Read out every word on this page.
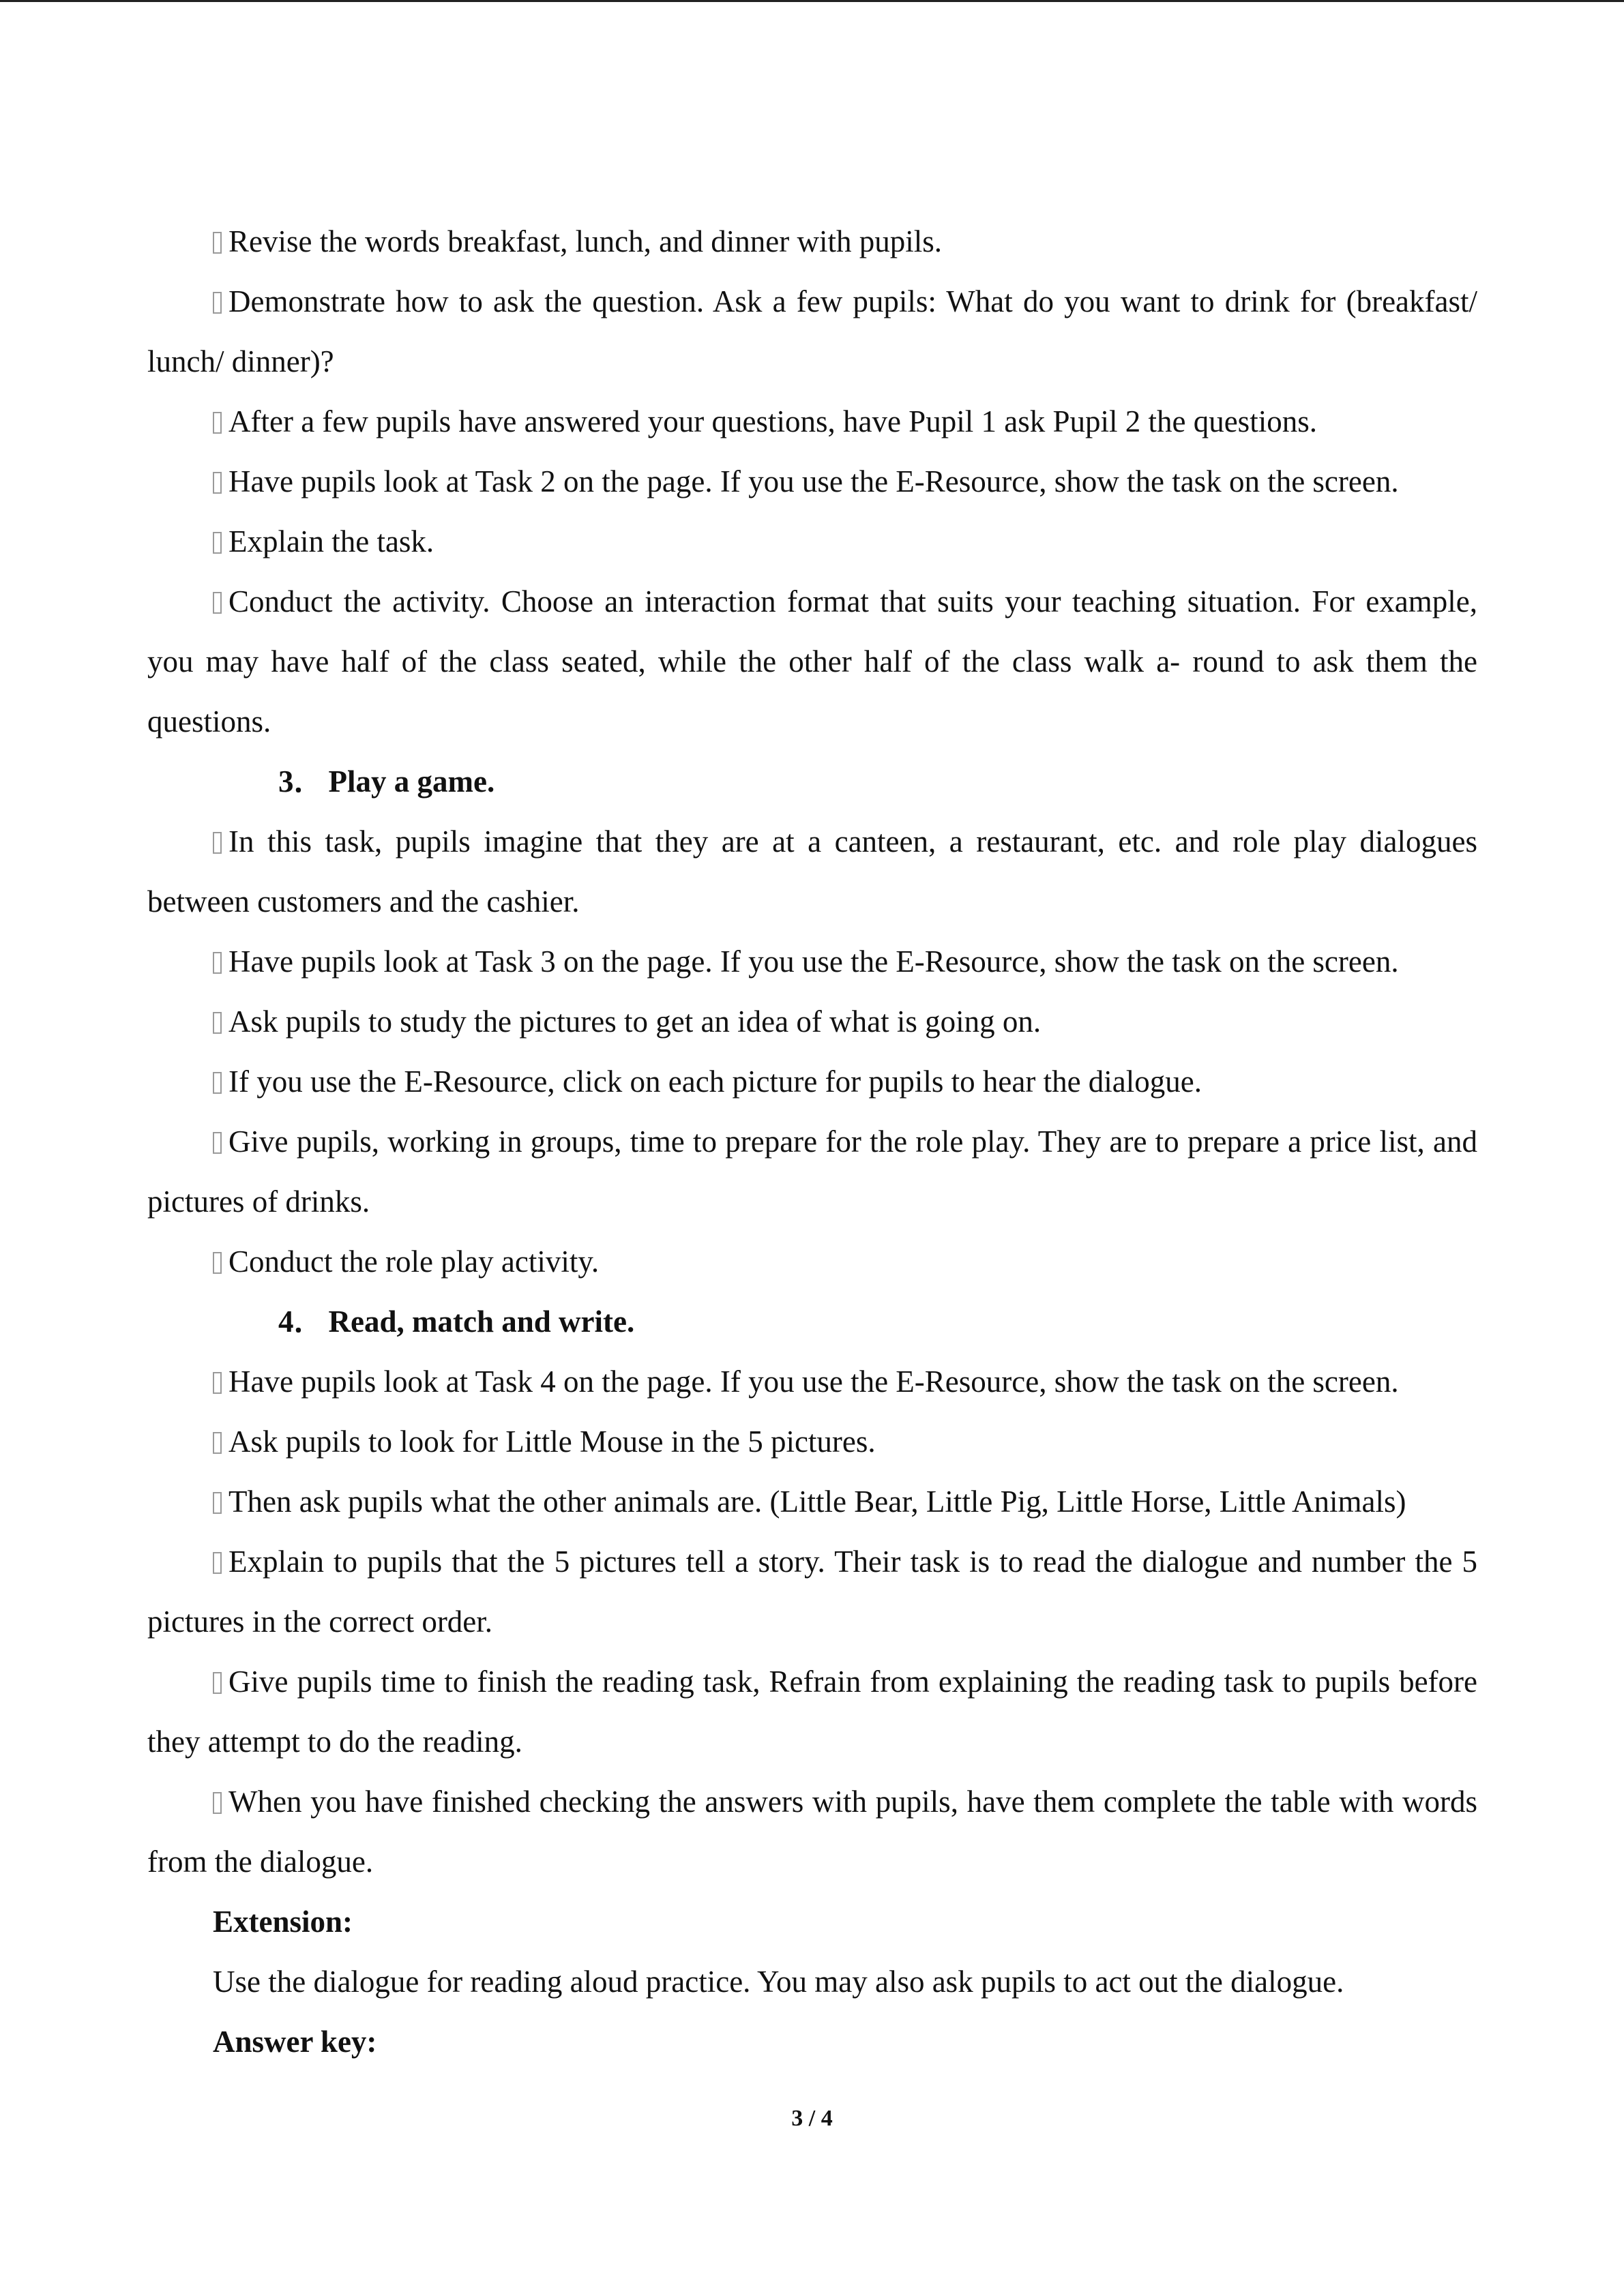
Revise the words breakfast, lunch, and dinner with pupils.

Demonstrate how to ask the question. Ask a few pupils: What do you want to drink for (breakfast/ lunch/ dinner)?

After a few pupils have answered your questions, have Pupil 1 ask Pupil 2 the questions.

Have pupils look at Task 2 on the page. If you use the E-Resource, show the task on the screen.

Explain the task.

Conduct the activity. Choose an interaction format that suits your teaching situation. For example, you may have half of the class seated, while the other half of the class walk a- round to ask them the questions.

3． Play a game.

In this task, pupils imagine that they are at a canteen, a restaurant, etc. and role play dialogues between customers and the cashier.

Have pupils look at Task 3 on the page. If you use the E-Resource, show the task on the screen.

Ask pupils to study the pictures to get an idea of what is going on.

If you use the E-Resource, click on each picture for pupils to hear the dialogue.

Give pupils, working in groups, time to prepare for the role play. They are to prepare a price list, and pictures of drinks.

Conduct the role play activity.

4． Read, match and write.

Have pupils look at Task 4 on the page. If you use the E-Resource, show the task on the screen.

Ask pupils to look for Little Mouse in the 5 pictures.

Then ask pupils what the other animals are. (Little Bear, Little Pig, Little Horse, Little Animals)

Explain to pupils that the 5 pictures tell a story. Their task is to read the dialogue and number the 5 pictures in the correct order.

Give pupils time to finish the reading task, Refrain from explaining the reading task to pupils before they attempt to do the reading.

When you have finished checking the answers with pupils, have them complete the table with words from the dialogue.

Extension:

Use the dialogue for reading aloud practice. You may also ask pupils to act out the dialogue.

Answer key:

3 / 4
